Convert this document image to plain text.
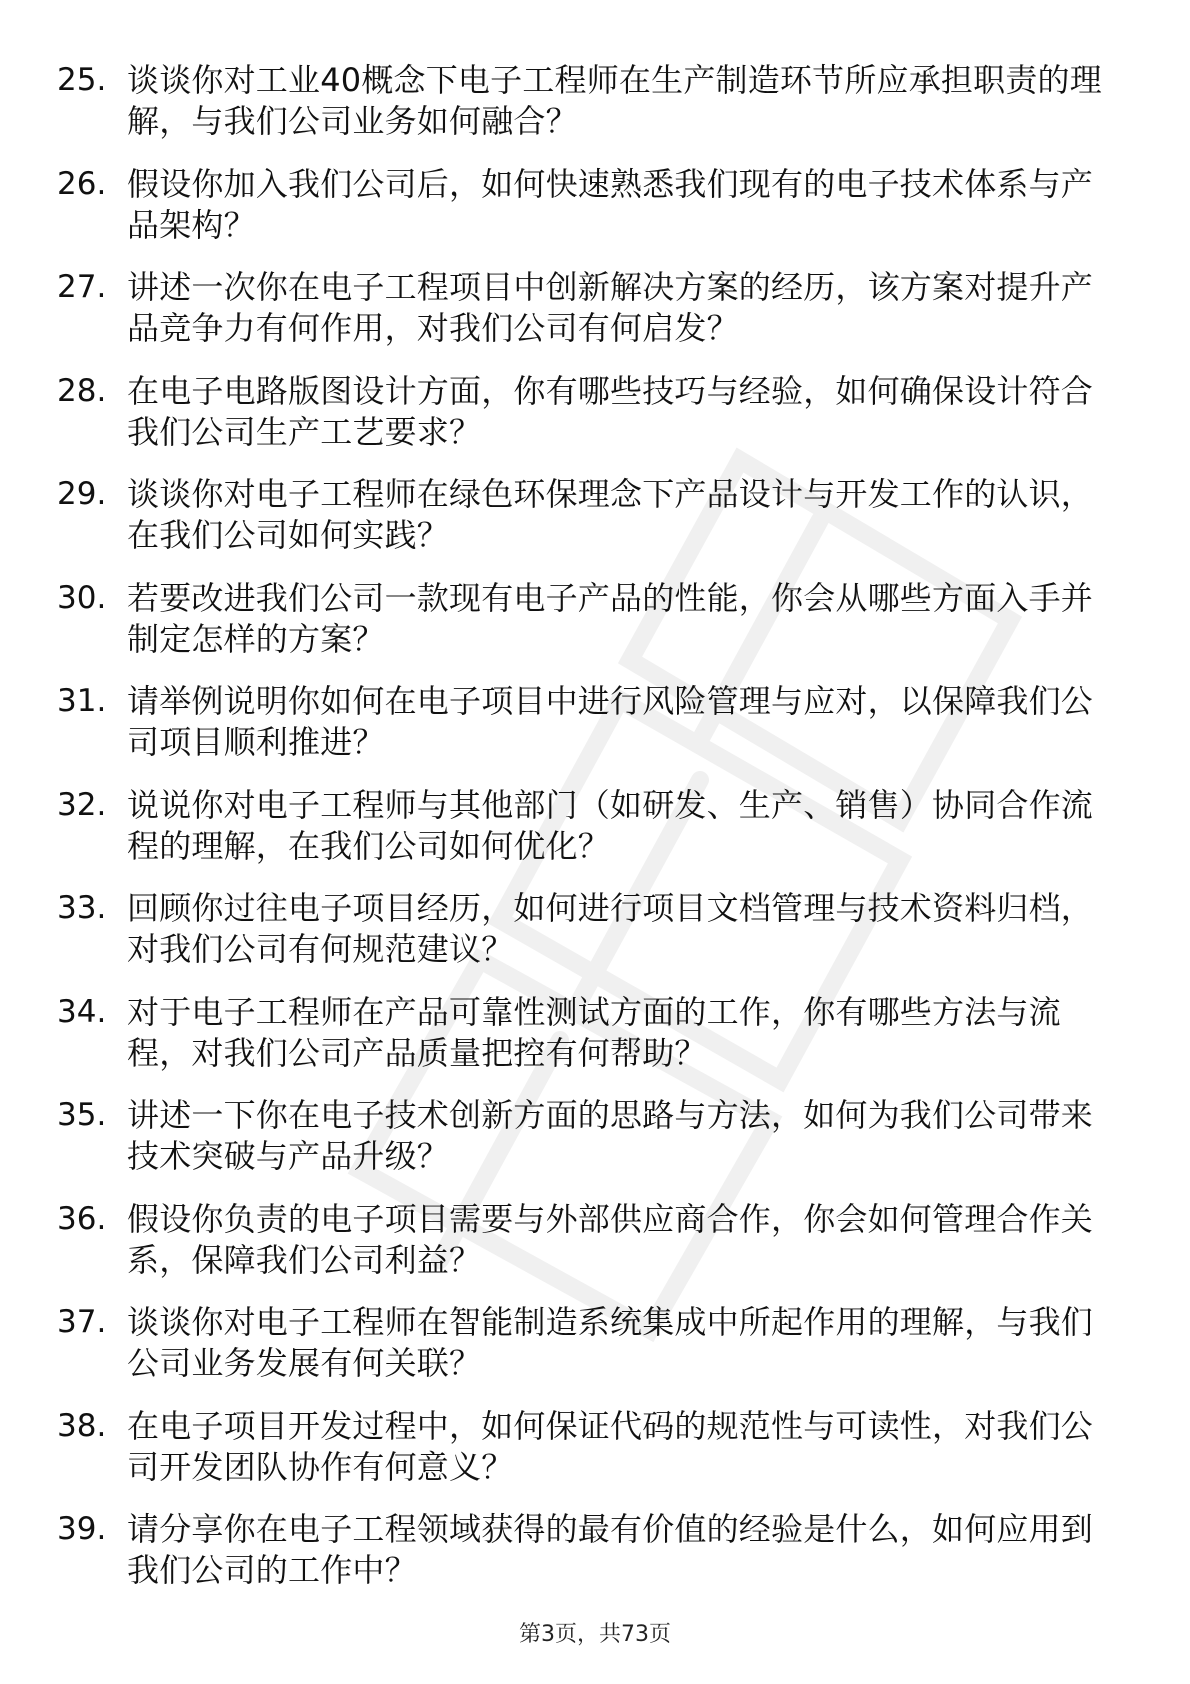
25. 谈谈你对工业40概念下电子工程师在生产制造环节所应承担职责的理解，与我们公司业务如何融合？
26. 假设你加入我们公司后，如何快速熟悉我们现有的电子技术体系与产品架构？
27. 讲述一次你在电子工程项目中创新解决方案的经历，该方案对提升产品竞争力有何作用，对我们公司有何启发？
28. 在电子电路版图设计方面，你有哪些技巧与经验，如何确保设计符合我们公司生产工艺要求？
29. 谈谈你对电子工程师在绿色环保理念下产品设计与开发工作的认识，在我们公司如何实践？
30. 若要改进我们公司一款现有电子产品的性能，你会从哪些方面入手并制定怎样的方案？
31. 请举例说明你如何在电子项目中进行风险管理与应对，以保障我们公司项目顺利推进？
32. 说说你对电子工程师与其他部门（如研发、生产、销售）协同合作流程的理解，在我们公司如何优化？
33. 回顾你过往电子项目经历，如何进行项目文档管理与技术资料归档，对我们公司有何规范建议？
34. 对于电子工程师在产品可靠性测试方面的工作，你有哪些方法与流程，对我们公司产品质量把控有何帮助？
35. 讲述一下你在电子技术创新方面的思路与方法，如何为我们公司带来技术突破与产品升级？
36. 假设你负责的电子项目需要与外部供应商合作，你会如何管理合作关系，保障我们公司利益？
37. 谈谈你对电子工程师在智能制造系统集成中所起作用的理解，与我们公司业务发展有何关联？
38. 在电子项目开发过程中，如何保证代码的规范性与可读性，对我们公司开发团队协作有何意义？
39. 请分享你在电子工程领域获得的最有价值的经验是什么，如何应用到我们公司的工作中？
第3页，共73页
